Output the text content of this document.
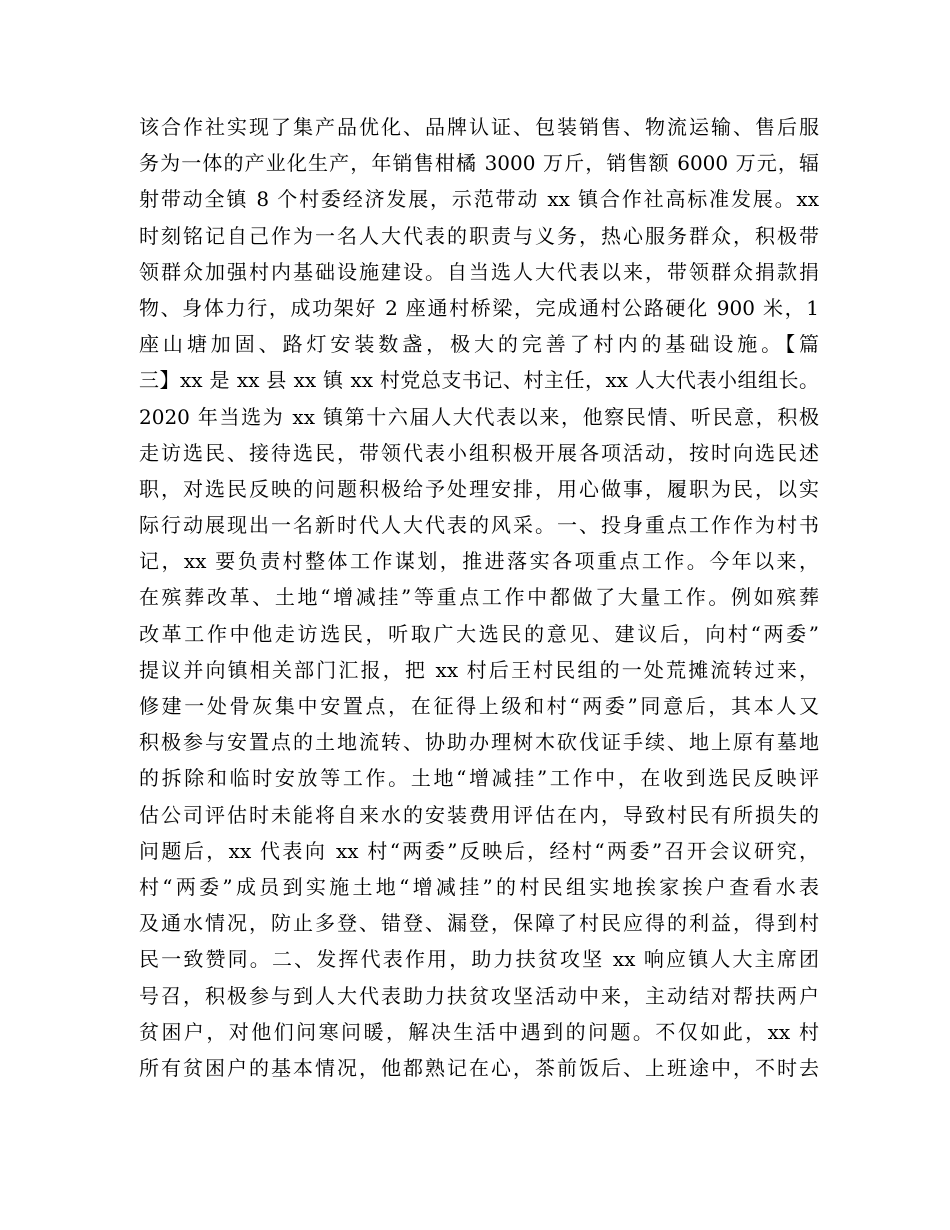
该合作社实现了集产品优化、品牌认证、包装销售、物流运输、售后服
务为一体的产业化生产，年销售柑橘 3000 万斤，销售额 6000 万元，辐
射带动全镇 8 个村委经济发展，示范带动 xx 镇合作社高标准发展。xx
时刻铭记自己作为一名人大代表的职责与义务，热心服务群众，积极带
领群众加强村内基础设施建设。自当选人大代表以来，带领群众捐款捐
物、身体力行，成功架好 2 座通村桥梁，完成通村公路硬化 900 米，1
座山塘加固、路灯安装数盏，极大的完善了村内的基础设施。【篇
三】xx 是 xx 县 xx 镇 xx 村党总支书记、村主任，xx 人大代表小组组长。
2020 年当选为 xx 镇第十六届人大代表以来，他察民情、听民意，积极
走访选民、接待选民，带领代表小组积极开展各项活动，按时向选民述
职，对选民反映的问题积极给予处理安排，用心做事，履职为民，以实
际行动展现出一名新时代人大代表的风采。一、投身重点工作作为村书
记，xx 要负责村整体工作谋划，推进落实各项重点工作。今年以来，
在殡葬改革、土地“增减挂”等重点工作中都做了大量工作。例如殡葬
改革工作中他走访选民，听取广大选民的意见、建议后，向村“两委”
提议并向镇相关部门汇报，把 xx 村后王村民组的一处荒摊流转过来，
修建一处骨灰集中安置点，在征得上级和村“两委”同意后，其本人又
积极参与安置点的土地流转、协助办理树木砍伐证手续、地上原有墓地
的拆除和临时安放等工作。土地“增减挂”工作中，在收到选民反映评
估公司评估时未能将自来水的安装费用评估在内，导致村民有所损失的
问题后，xx 代表向 xx 村“两委”反映后，经村“两委”召开会议研究，
村“两委”成员到实施土地“增减挂”的村民组实地挨家挨户查看水表
及通水情况，防止多登、错登、漏登，保障了村民应得的利益，得到村
民一致赞同。二、发挥代表作用，助力扶贫攻坚 xx 响应镇人大主席团
号召，积极参与到人大代表助力扶贫攻坚活动中来，主动结对帮扶两户
贫困户，对他们问寒问暖，解决生活中遇到的问题。不仅如此，xx 村
所有贫困户的基本情况，他都熟记在心，茶前饭后、上班途中，不时去
